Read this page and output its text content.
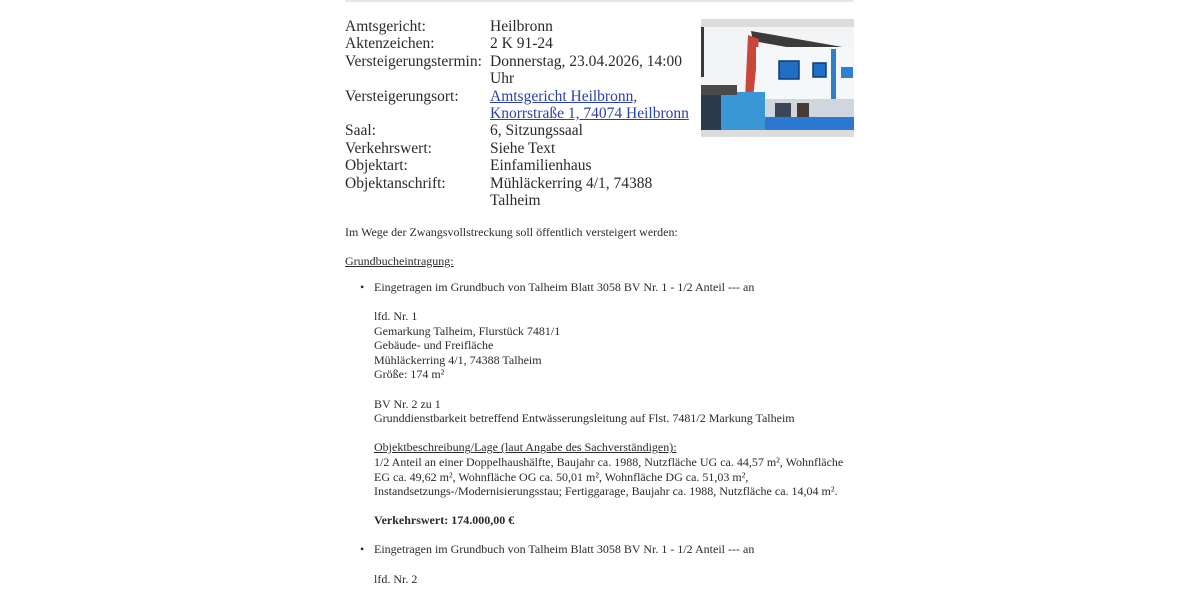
Amtsgericht:	Heilbronn
Aktenzeichen:	2 K 91-24
Versteigerungstermin: Donnerstag, 23.04.2026, 14:00 Uhr
Versteigerungsort:	Amtsgericht Heilbronn,
Knorrstraße 1, 74074 Heilbronn
Saal:	6, Sitzungssaal
Verkehrswert:	Siehe Text
Objektart:	Einfamilienhaus
Objektanschrift:	Mühläckerring 4/1, 74388 Talheim

Im Wege der Zwangsvollstreckung soll öffentlich versteigert werden:

Grundbucheintragung:

• Eingetragen im Grundbuch von Talheim Blatt 3058 BV Nr. 1 - 1/2 Anteil --- an

lfd. Nr. 1

Gemarkung Talheim, Flurstück 7481/1

Gebäude- und Freifläche

Mühläckerring 4/1, 74388 Talheim

Größe: 174 m²

BV Nr. 2 zu 1

Grunddienstbarkeit betreffend Entwässerungsleitung auf Flst. 7481/2 Markung Talheim

Objektbeschreibung/Lage (laut Angabe des Sachverständigen):

1/2 Anteil an einer Doppelhaushälfte, Baujahr ca. 1988, Nutzfläche UG ca. 44,57 m², Wohnfläche EG ca. 49,62 m², Wohnfläche OG ca. 50,01 m², Wohnfläche DG ca. 51,03 m², Instandsetzungs-/Modernisierungsstau; Fertiggarage, Baujahr ca. 1988, Nutzfläche ca. 14,04 m².

Verkehrswert: 174.000,00 €

• Eingetragen im Grundbuch von Talheim Blatt 3058 BV Nr. 1 - 1/2 Anteil --- an

lfd. Nr. 2
